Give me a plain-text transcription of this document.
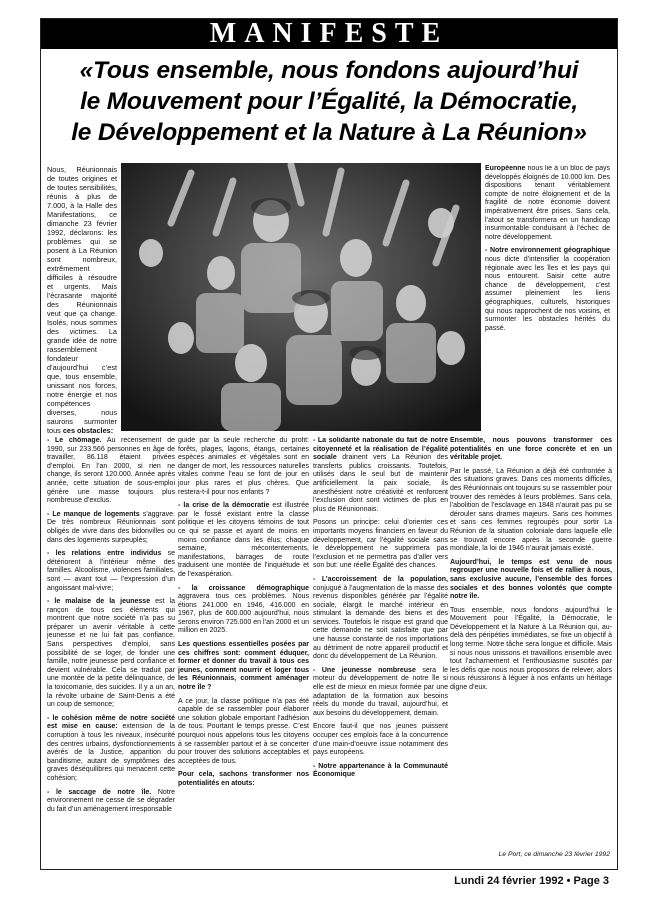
MANIFESTE
«Tous ensemble, nous fondons aujourd’hui
le Mouvement pour l’Égalité, la Démocratie,
le Développement et la Nature à La Réunion»
Nous, Réunionnais de toutes origines et de toutes sensibilités, réunis à plus de 7.000, à la Halle des Manifestations, ce dimanche 23 février 1992, déclarons: les problèmes qui se posent à La Réunion sont nombreux, extrêmement difficiles à résoudre et urgents. Mais l’écrasante majorité des Réunionnais veut que ça change. Isolés, nous sommes des victimes. La grande idée de notre rassemblement fondateur d’aujourd’hui c’est que, tous ensemble, unissant nos forces, notre énergie et nos compétences diverses, nous saurons surmonter tous ces obstacles:

Européenne nous lie à un bloc de pays développés éloignés de 10.000 km. Des dispositions tenant véritablement compte de notre éloignement et de la fragilité de notre économie doivent impérativement être prises. Sans cela, l’atout se transformera en un handicap insurmontable conduisant à l’échec de notre développement.

- Notre environnement géographique nous dicte d’intensifier la coopération régionale avec les îles et les pays qui nous entourent. Saisir cette autre chance de développement, c’est assumer pleinement les liens géographiques, culturels, historiques qui nous rapprochent de nos voisins, et surmonter les obstacles hérités du passé.

- Le chômage. Au recensement de 1990, sur 233.566 personnes en âge de travailler, 86.118 étaient privées d’emploi. En l’an 2000, si rien ne change, ils seront 120.000. Année après année, cette situation de sous-emploi génère une masse toujours plus nombreuse d’exclus.

- Le manque de logements s’aggrave. De très nombreux Réunionnais sont obligés de vivre dans des bidonvilles ou dans des logements surpeuplés;

- les relations entre individus se détériorent à l’intérieur même des familles. Alcoolisme, violences familiales, sont — avant tout — l’expression d’un angoissant mal-vivre;

- le malaise de la jeunesse est la rançon de tous ces éléments qui montrent que notre société n’a pas su préparer un avenir véritable à cette jeunesse et ne lui fait pas confiance. Sans perspectives d’emploi, sans possibilité de se loger, de fonder une famille, notre jeunesse perd confiance et devient vulnérable. Cela se traduit par une montée de la petite délinquance, de la toxicomanie, des suicides. Il y a un an, la révolte urbaine de Saint-Denis a été un coup de semonce;

- le cohésion même de notre société est mise en cause: extension de la corruption à tous les niveaux, insécurité des centres urbains, dysfonctionnements avérés de la Justice, apparition du banditisme, autant de symptômes des graves déséquilibres qui menacent cette cohésion;

- le saccage de notre île. Notre environnement ne cesse de se dégrader du fait d’un aménagement irresponsable

guidé par la seule recherche du profit: forêts, plages, lagons, étangs, certaines espèces animales et végétales sont en danger de mort, les ressources naturelles vitales comme l’eau se font de jour en jour plus rares et plus chères. Que restera-t-il pour nos enfants ?

- la crise de la démocratie est illustrée par le fossé existant entre la classe politique et les citoyens témoins de tout ce qui se passe et ayant de moins en moins confiance dans les élus; chaque semaine, mécontentements, manifestations, barrages de route traduisent une montée de l’inquiétude et de l’exaspération.

- la croissance démographique aggravera tous ces problèmes. Nous étions 241.000 en 1946, 416.000 en 1967, plus de 600.000 aujourd’hui, nous serons environ 725.000 en l’an 2000 et un million en 2025.

Les questions essentielles posées par ces chiffres sont: comment éduquer, former et donner du travail à tous ces jeunes, comment nourrir et loger tous les Réunionnais, comment aménager notre île ?

A ce jour, la classe politique n’a pas été capable de se rassembler pour élaborer une solution globale emportant l’adhésion de tous. Pourtant le temps presse. C’est pourquoi nous appelons tous les citoyens à se rassembler partout et à se concerter pour trouver des solutions acceptables et acceptées de tous.

Pour cela, sachons transformer nos potentialités en atouts:

- La solidarité nationale du fait de notre citoyenneté et la réalisation de l’égalité sociale drainent vers La Réunion des transferts publics croissants. Toutefois, utilisés dans le seul but de maintenir artificiellement la paix sociale, ils anesthésient notre créativité et renforcent l’exclusion dont sont victimes de plus en plus de Réunionnais.

Posons un principe: celui d’orienter ces importants moyens financiers en faveur du développement, car l’égalité sociale sans le développement ne supprimera pas l’exclusion et ne permettra pas d’aller vers son but: une réelle Égalité des chances.

- L’accroissement de la population, conjugué à l’augmentation de la masse des revenus disponibles générée par l’égalité sociale, élargit le marché intérieur en stimulant la demande des biens et des services. Toutefois le risque est grand que cette demande ne soit satisfaite que par une hausse constante de nos importations au détriment de notre appareil productif et donc du développement de La Réunion.

- Une jeunesse nombreuse sera le moteur du développement de notre île si elle est de mieux en mieux formée par une adaptation de la formation aux besoins réels du monde du travail, aujourd’hui, et aux besoins du développement, demain.

Encore faut-il que nos jeunes puissent occuper ces emplois face à la concurrence d’une main-d’oeuvre issue notamment des pays européens.

- Notre appartenance à la Communauté Économique

Ensemble, nous pouvons transformer ces potentialités en une force concrète et en un véritable projet.

Par le passé, La Réunion a déjà été confrontée à des situations graves. Dans ces moments difficiles, des Réunionnais ont toujours su se rassembler pour trouver des remèdes à leurs problèmes. Sans cela, l’abolition de l’esclavage en 1848 n’aurait pas pu se dérouler sans drames majeurs. Sans ces hommes et sans ces femmes regroupés pour sortir La Réunion de la situation coloniale dans laquelle elle se trouvait encore après la seconde guerre mondiale, la loi de 1946 n’aurait jamais existé.

Aujourd’hui, le temps est venu de nous regrouper une nouvelle fois et de rallier à nous, sans exclusive aucune, l’ensemble des forces sociales et des bonnes volontés que compte notre île.

Tous ensemble, nous fondons aujourd’hui le Mouvement pour l’Égalité, la Démocratie, le Développement et la Nature à La Réunion qui, au-delà des péripéties immédiates, se fixe un objectif à long terme. Notre tâche sera longue et difficile. Mais si nous nous unissons et travaillons ensemble avec tout l’acharnement et l’enthousiasme suscités par les défis que nous nous proposons de relever, alors nous réussirons à léguer à nos enfants un héritage digne d’eux.

Le Port, ce dimanche 23 février 1992
Lundi 24 février 1992 • Page 3
